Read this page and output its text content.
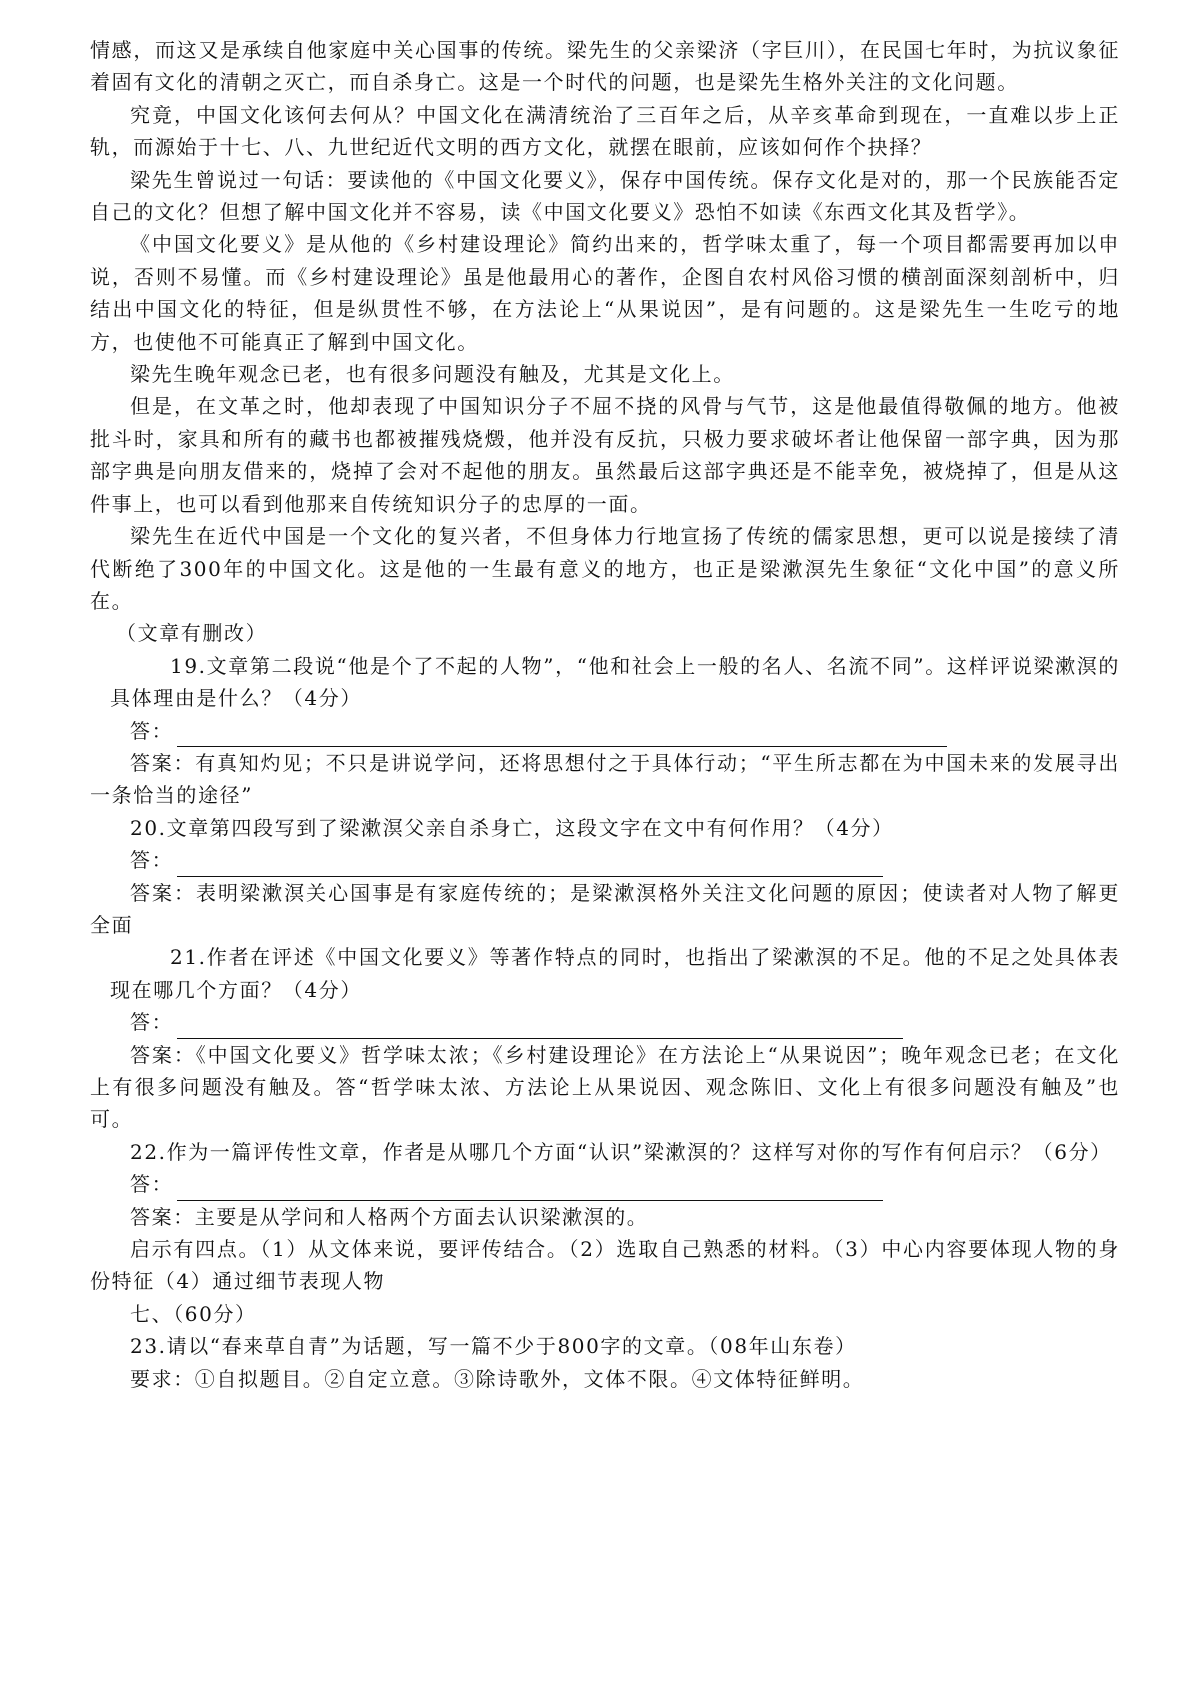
情感，而这又是承续自他家庭中关心国事的传统。梁先生的父亲梁济（字巨川），在民国七年时，为抗议象征着固有文化的清朝之灭亡，而自杀身亡。这是一个时代的问题，也是梁先生格外关注的文化问题。

究竟，中国文化该何去何从？中国文化在满清统治了三百年之后，从辛亥革命到现在，一直难以步上正轨，而源始于十七、八、九世纪近代文明的西方文化，就摆在眼前，应该如何作个抉择？

梁先生曾说过一句话：要读他的《中国文化要义》，保存中国传统。保存文化是对的，那一个民族能否定自己的文化？但想了解中国文化并不容易，读《中国文化要义》恐怕不如读《东西文化其及哲学》。

《中国文化要义》是从他的《乡村建设理论》简约出来的，哲学味太重了，每一个项目都需要再加以申说，否则不易懂。而《乡村建设理论》虽是他最用心的著作，企图自农村风俗习惯的横剖面深刻剖析中，归结出中国文化的特征，但是纵贯性不够，在方法论上“从果说因”，是有问题的。这是梁先生一生吃亏的地方，也使他不可能真正了解到中国文化。

梁先生晚年观念已老，也有很多问题没有触及，尤其是文化上。

但是，在文革之时，他却表现了中国知识分子不屈不挠的风骨与气节，这是他最值得敬佩的地方。他被批斗时，家具和所有的藏书也都被摧残烧燬，他并没有反抗，只极力要求破坏者让他保留一部字典，因为那部字典是向朋友借来的，烧掉了会对不起他的朋友。虽然最后这部字典还是不能幸免，被烧掉了，但是从这件事上，也可以看到他那来自传统知识分子的忠厚的一面。

梁先生在近代中国是一个文化的复兴者，不但身体力行地宣扬了传统的儒家思想，更可以说是接续了清代断绝了300年的中国文化。这是他的一生最有意义的地方，也正是梁漱溟先生象征“文化中国”的意义所在。

（文章有删改）

19.文章第二段说“他是个了不起的人物”，“他和社会上一般的名人、名流不同”。这样评说梁漱溟的具体理由是什么？（4分）

答：

答案：有真知灼见；不只是讲说学问，还将思想付之于具体行动；“平生所志都在为中国未来的发展寻出一条恰当的途径”

20.文章第四段写到了梁漱溟父亲自杀身亡，这段文字在文中有何作用？（4分）

答：

答案：表明梁漱溟关心国事是有家庭传统的；是梁漱溟格外关注文化问题的原因；使读者对人物了解更全面

21.作者在评述《中国文化要义》等著作特点的同时，也指出了梁漱溟的不足。他的不足之处具体表现在哪几个方面？（4分）

答：

答案：《中国文化要义》哲学味太浓；《乡村建设理论》在方法论上“从果说因”；晚年观念已老；在文化上有很多问题没有触及。答“哲学味太浓、方法论上从果说因、观念陈旧、文化上有很多问题没有触及”也可。

22.作为一篇评传性文章，作者是从哪几个方面“认识”梁漱溟的？这样写对你的写作有何启示？（6分）

答：

答案：主要是从学问和人格两个方面去认识梁漱溟的。

启示有四点。（1）从文体来说，要评传结合。（2）选取自己熟悉的材料。（3）中心内容要体现人物的身份特征（4）通过细节表现人物

七、（60分）

23.请以“春来草自青”为话题，写一篇不少于800字的文章。（08年山东卷）

要求：①自拟题目。②自定立意。③除诗歌外，文体不限。④文体特征鲜明。
